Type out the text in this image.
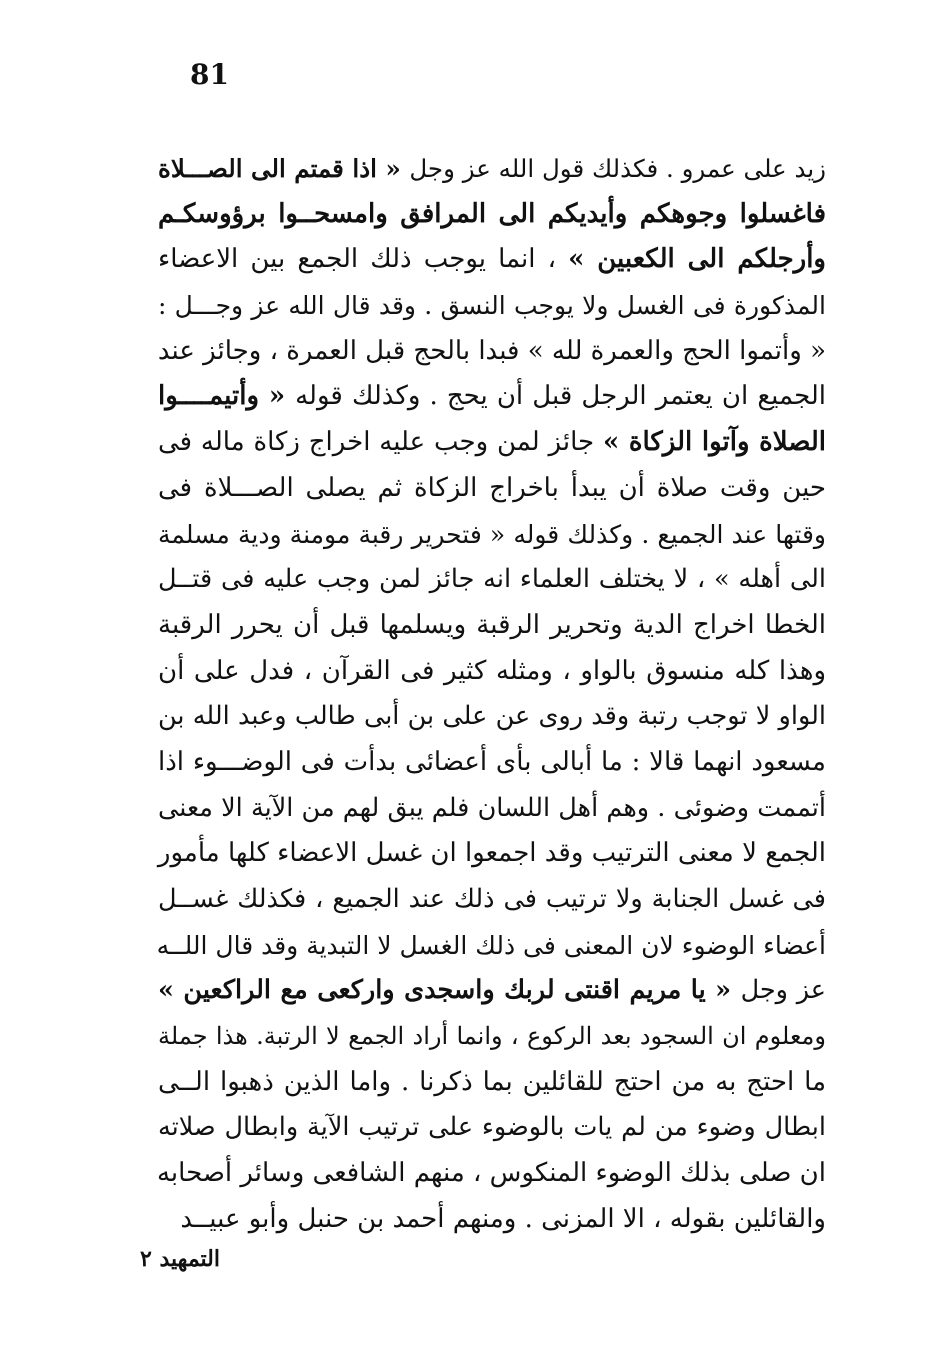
81
زيد على عمرو . فكذلك قول الله عز وجل « اذا قمتم الى الصـــلاة
فاغسلوا وجوهكم وأيديكم الى المرافق وامسحــوا برؤوسكـم
وأرجلكم الى الكعبين » ، انما يوجب ذلك الجمع بين الاعضاء
المذكورة فى الغسل ولا يوجب النسق . وقد قال الله عز وجـــل :
« وأتموا الحج والعمرة لله » فبدا بالحج قبل العمرة ، وجائز عند
الجميع ان يعتمر الرجل قبل أن يحج . وكذلك قوله « وأتيمــــوا
الصلاة وآتوا الزكاة » جائز لمن وجب عليه اخراج زكاة ماله فى
حين وقت صلاة أن يبدأ باخراج الزكاة ثم يصلى الصـــلاة فى
وقتها عند الجميع . وكذلك قوله « فتحرير رقبة مومنة ودية مسلمة
الى أهله » ، لا يختلف العلماء انه جائز لمن وجب عليه فى قتــل
الخطا اخراج الدية وتحرير الرقبة ويسلمها قبل أن يحرر الرقبة
وهذا كله منسوق بالواو ، ومثله كثير فى القرآن ، فدل على أن
الواو لا توجب رتبة وقد روى عن على بن أبى طالب وعبد الله بن
مسعود انهما قالا : ما أبالى بأى أعضائى بدأت فى الوضـــوء اذا
أتممت وضوئى . وهم أهل اللسان فلم يبق لهم من الآية الا معنى
الجمع لا معنى الترتيب وقد اجمعوا ان غسل الاعضاء كلها مأمور
فى غسل الجنابة ولا ترتيب فى ذلك عند الجميع ، فكذلك غســل
أعضاء الوضوء لان المعنى فى ذلك الغسل لا التبدية وقد قال اللــه
عز وجل « يا مريم اقنتى لربك واسجدى واركعى مع الراكعين »
ومعلوم ان السجود بعد الركوع ، وانما أراد الجمع لا الرتبة. هذا جملة
ما احتج به من احتج للقائلين بما ذكرنا . واما الذين ذهبوا الــى
ابطال وضوء من لم يات بالوضوء على ترتيب الآية وابطال صلاته
ان صلى بذلك الوضوء المنكوس ، منهم الشافعى وسائر أصحابه
والقائلين بقوله ، الا المزنى . ومنهم أحمد بن حنبل وأبو عبيــد
التمهيد ٢
